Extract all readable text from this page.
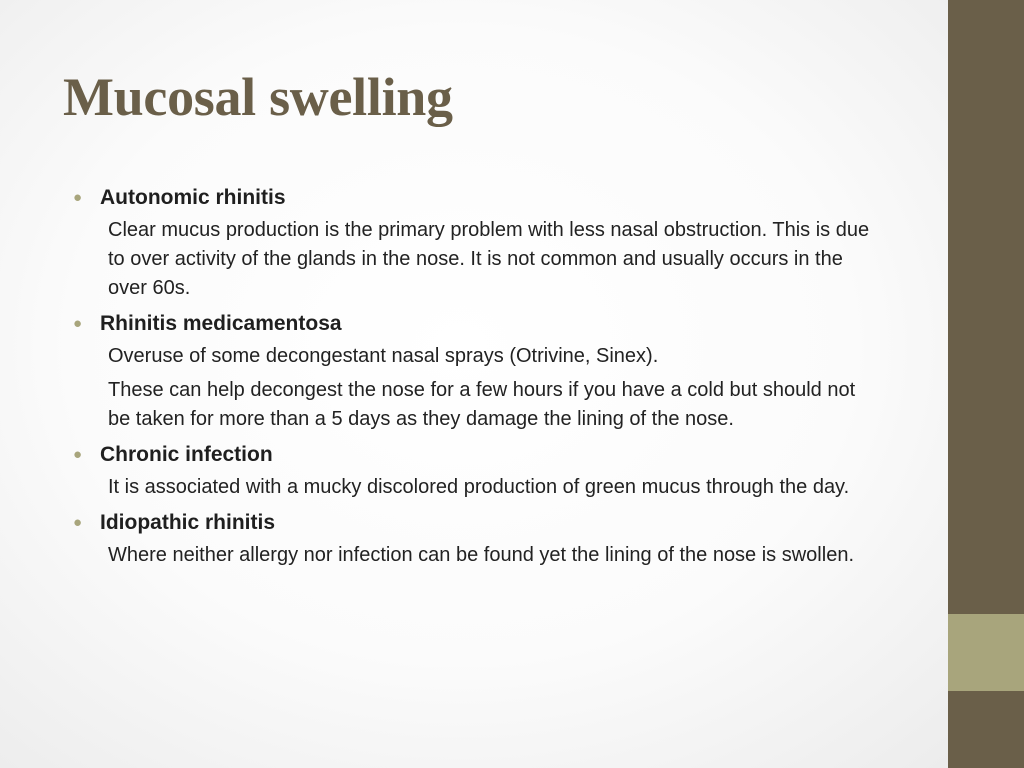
Mucosal swelling
● Autonomic rhinitis
Clear mucus production is the primary problem with less nasal obstruction. This is due to over activity of the glands in the nose. It is not common and usually occurs in the over 60s.
● Rhinitis medicamentosa
Overuse of some decongestant nasal sprays (Otrivine, Sinex).
These can help decongest the nose for a few hours if you have a cold but should not be taken for more than a 5 days as they damage the lining of the nose.
● Chronic infection
It is associated with a mucky discolored production of green mucus through the day.
● Idiopathic rhinitis
Where neither allergy nor infection can be found yet the lining of the nose is swollen.
